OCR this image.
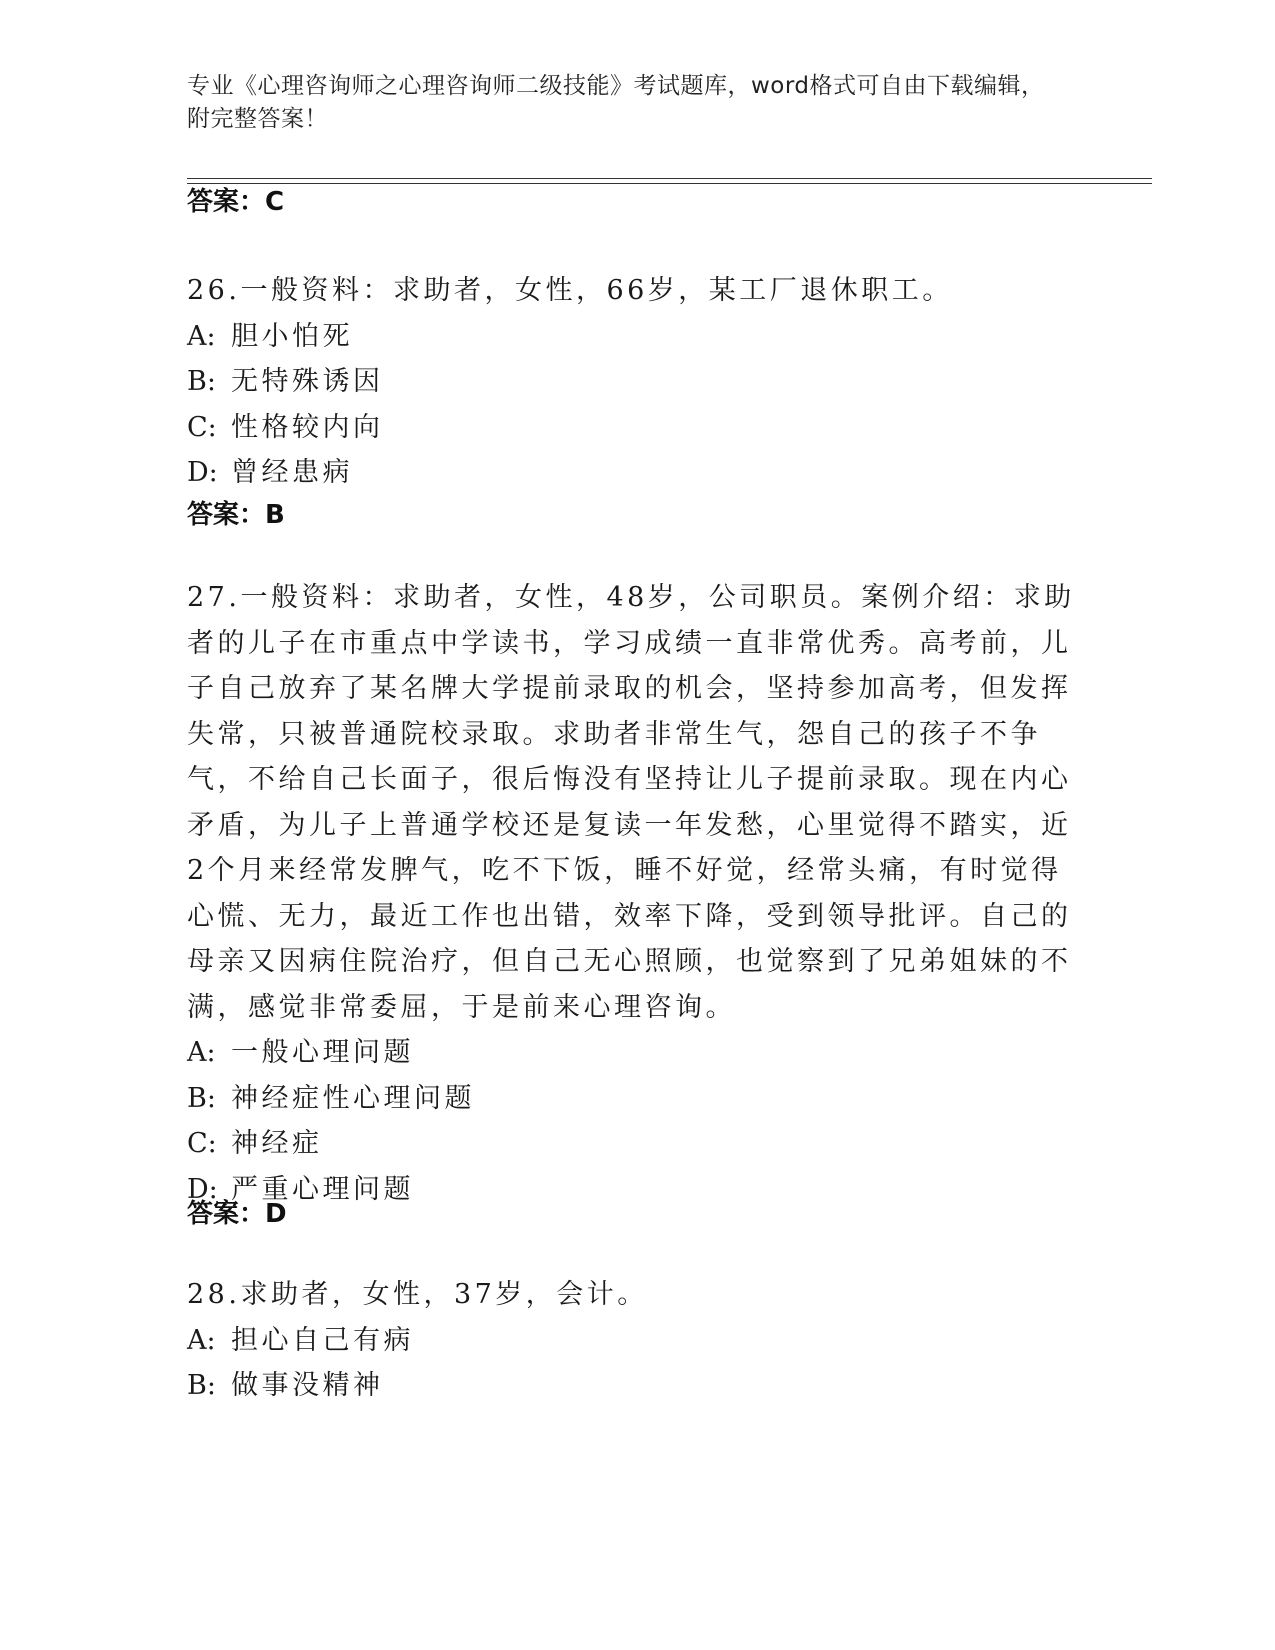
专业《心理咨询师之心理咨询师二级技能》考试题库，word格式可自由下载编辑，附完整答案！
答案：C

26.一般资料：求助者，女性，66岁，某工厂退休职工。

A: 胆小怕死

B: 无特殊诱因

C: 性格较内向

D: 曾经患病

答案：B

27.一般资料：求助者，女性，48岁，公司职员。案例介绍：求助者的儿子在市重点中学读书，学习成绩一直非常优秀。高考前，儿子自己放弃了某名牌大学提前录取的机会，坚持参加高考，但发挥失常，只被普通院校录取。求助者非常生气，怨自己的孩子不争气，不给自己长面子，很后悔没有坚持让儿子提前录取。现在内心矛盾，为儿子上普通学校还是复读一年发愁，心里觉得不踏实，近2个月来经常发脾气，吃不下饭，睡不好觉，经常头痛，有时觉得心慌、无力，最近工作也出错，效率下降，受到领导批评。自己的母亲又因病住院治疗，但自己无心照顾，也觉察到了兄弟姐妹的不满，感觉非常委屈，于是前来心理咨询。

A: 一般心理问题

B: 神经症性心理问题

C: 神经症

D: 严重心理问题

答案：D

28.求助者，女性，37岁，会计。

A: 担心自己有病

B: 做事没精神
